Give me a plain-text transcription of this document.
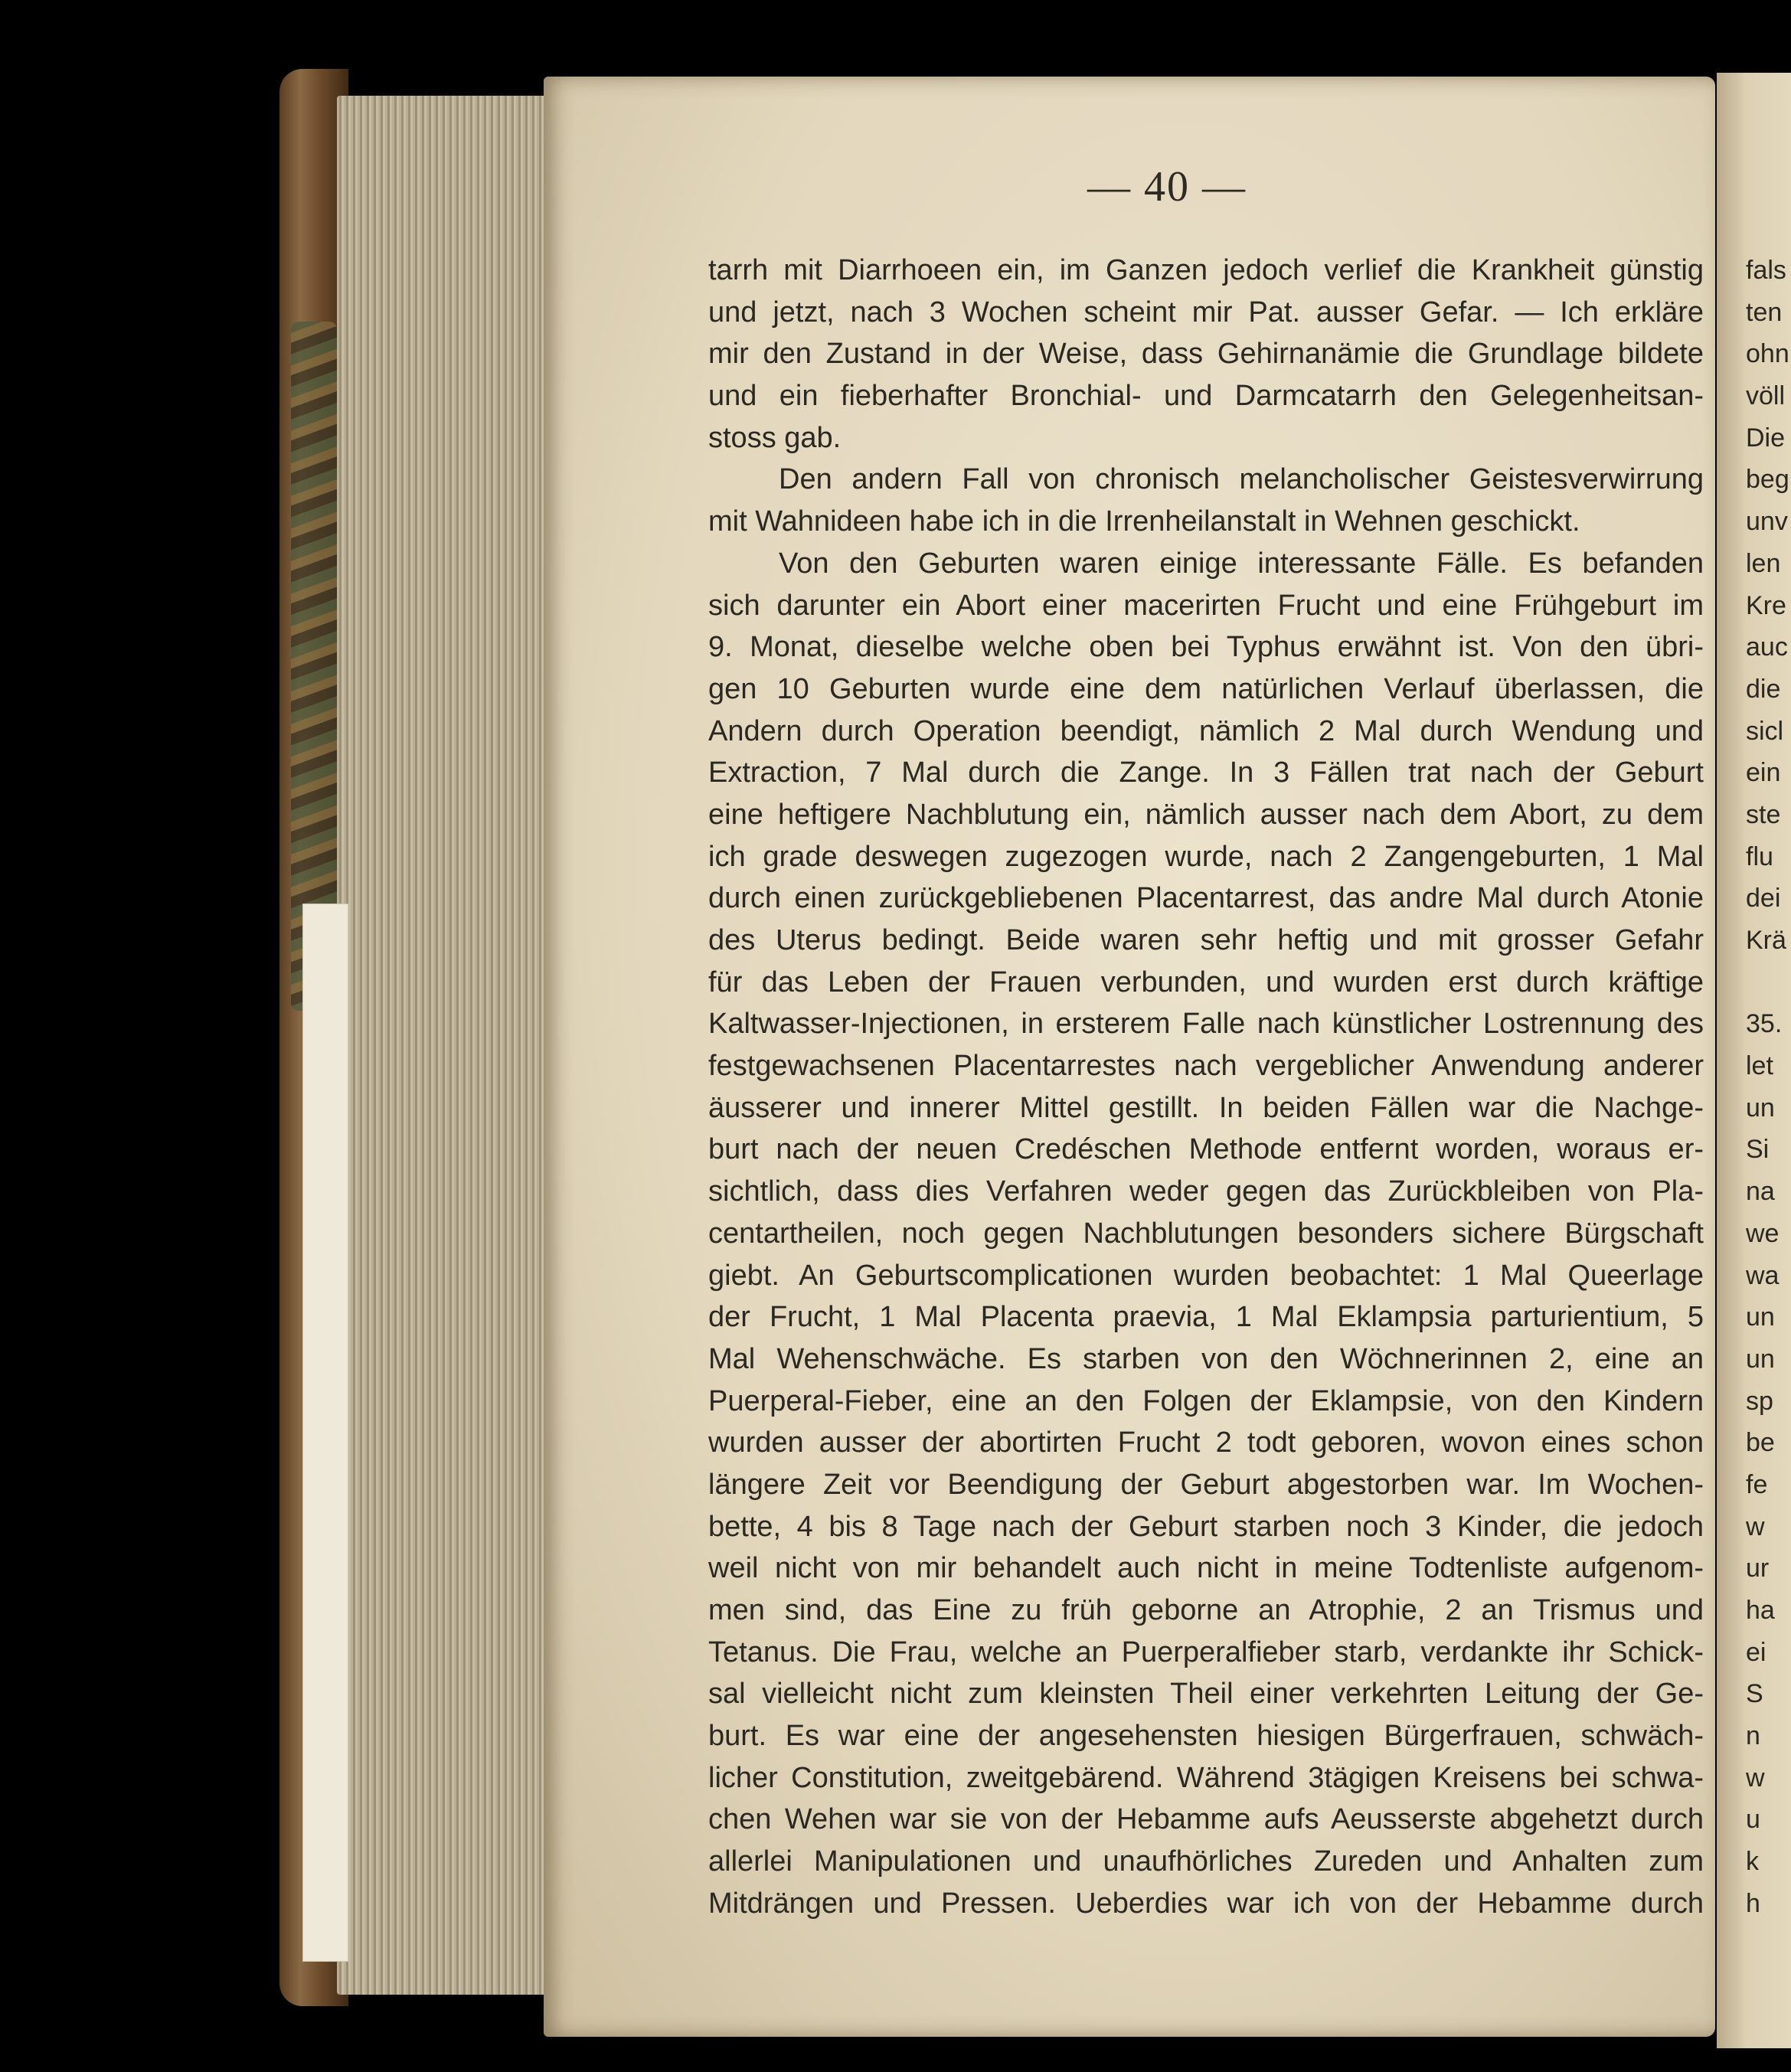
— 40 —
tarrh mit Diarrhoeen ein, im Ganzen jedoch verlief die Krankheit günstig
und jetzt, nach 3 Wochen scheint mir Pat. ausser Gefar. — Ich erkläre
mir den Zustand in der Weise, dass Gehirnanämie die Grundlage bildete
und ein fieberhafter Bronchial- und Darmcatarrh den Gelegenheitsan-
stoss gab.
Den andern Fall von chronisch melancholischer Geistesverwirrung
mit Wahnideen habe ich in die Irrenheilanstalt in Wehnen geschickt.
Von den Geburten waren einige interessante Fälle. Es befanden
sich darunter ein Abort einer macerirten Frucht und eine Frühgeburt im
9. Monat, dieselbe welche oben bei Typhus erwähnt ist. Von den übri-
gen 10 Geburten wurde eine dem natürlichen Verlauf überlassen, die
Andern durch Operation beendigt, nämlich 2 Mal durch Wendung und
Extraction, 7 Mal durch die Zange. In 3 Fällen trat nach der Geburt
eine heftigere Nachblutung ein, nämlich ausser nach dem Abort, zu dem
ich grade deswegen zugezogen wurde, nach 2 Zangengeburten, 1 Mal
durch einen zurückgebliebenen Placentarrest, das andre Mal durch Atonie
des Uterus bedingt. Beide waren sehr heftig und mit grosser Gefahr
für das Leben der Frauen verbunden, und wurden erst durch kräftige
Kaltwasser-Injectionen, in ersterem Falle nach künstlicher Lostrennung des
festgewachsenen Placentarrestes nach vergeblicher Anwendung anderer
äusserer und innerer Mittel gestillt. In beiden Fällen war die Nachge-
burt nach der neuen Credéschen Methode entfernt worden, woraus er-
sichtlich, dass dies Verfahren weder gegen das Zurückbleiben von Pla-
centartheilen, noch gegen Nachblutungen besonders sichere Bürgschaft
giebt. An Geburtscomplicationen wurden beobachtet: 1 Mal Queerlage
der Frucht, 1 Mal Placenta praevia, 1 Mal Eklampsia parturientium, 5
Mal Wehenschwäche. Es starben von den Wöchnerinnen 2, eine an
Puerperal-Fieber, eine an den Folgen der Eklampsie, von den Kindern
wurden ausser der abortirten Frucht 2 todt geboren, wovon eines schon
längere Zeit vor Beendigung der Geburt abgestorben war. Im Wochen-
bette, 4 bis 8 Tage nach der Geburt starben noch 3 Kinder, die jedoch
weil nicht von mir behandelt auch nicht in meine Todtenliste aufgenom-
men sind, das Eine zu früh geborne an Atrophie, 2 an Trismus und
Tetanus. Die Frau, welche an Puerperalfieber starb, verdankte ihr Schick-
sal vielleicht nicht zum kleinsten Theil einer verkehrten Leitung der Ge-
burt. Es war eine der angesehensten hiesigen Bürgerfrauen, schwäch-
licher Constitution, zweitgebärend. Während 3tägigen Kreisens bei schwa-
chen Wehen war sie von der Hebamme aufs Aeusserste abgehetzt durch
allerlei Manipulationen und unaufhörliches Zureden und Anhalten zum
Mitdrängen und Pressen. Ueberdies war ich von der Hebamme durch
fals
ten
ohn
völl
Die
beg
unv
len
Kre
auc
die
sicl
ein
ste
flu
dei
Krä
35.
let
un
Si
na
we
wa
un
un
sp
be
fe
w
ur
ha
ei
S
n
w
u
k
h
